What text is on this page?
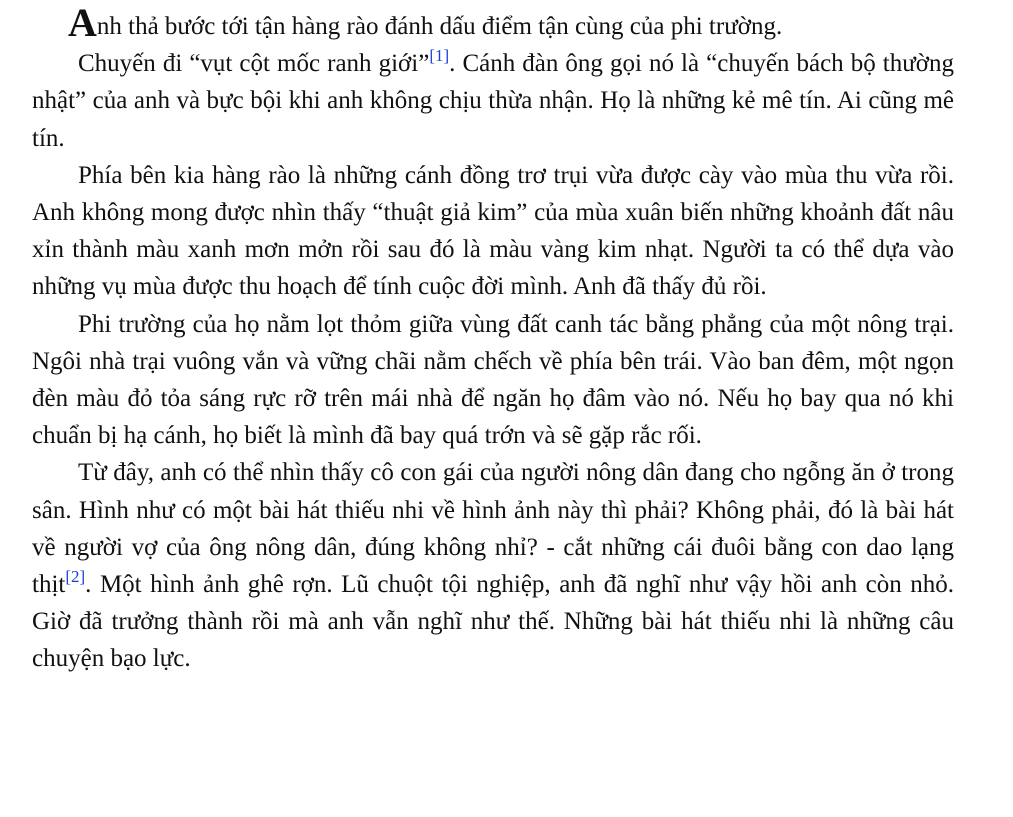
Anh thả bước tới tận hàng rào đánh dấu điểm tận cùng của phi trường.

Chuyến đi “vụt cột mốc ranh giới”[1]. Cánh đàn ông gọi nó là “chuyến bách bộ thường nhật” của anh và bực bội khi anh không chịu thừa nhận. Họ là những kẻ mê tín. Ai cũng mê tín.

Phía bên kia hàng rào là những cánh đồng trơ trụi vừa được cày vào mùa thu vừa rồi. Anh không mong được nhìn thấy “thuật giả kim” của mùa xuân biến những khoảnh đất nâu xỉn thành màu xanh mơn mởn rồi sau đó là màu vàng kim nhạt. Người ta có thể dựa vào những vụ mùa được thu hoạch để tính cuộc đời mình. Anh đã thấy đủ rồi.

Phi trường của họ nằm lọt thỏm giữa vùng đất canh tác bằng phẳng của một nông trại. Ngôi nhà trại vuông vắn và vững chãi nằm chếch về phía bên trái. Vào ban đêm, một ngọn đèn màu đỏ tỏa sáng rực rỡ trên mái nhà để ngăn họ đâm vào nó. Nếu họ bay qua nó khi chuẩn bị hạ cánh, họ biết là mình đã bay quá trớn và sẽ gặp rắc rối.

Từ đây, anh có thể nhìn thấy cô con gái của người nông dân đang cho ngỗng ăn ở trong sân. Hình như có một bài hát thiếu nhi về hình ảnh này thì phải? Không phải, đó là bài hát về người vợ của ông nông dân, đúng không nhỉ? - cắt những cái đuôi bằng con dao lạng thịt[2]. Một hình ảnh ghê rợn. Lũ chuột tội nghiệp, anh đã nghĩ như vậy hồi anh còn nhỏ. Giờ đã trưởng thành rồi mà anh vẫn nghĩ như thế. Những bài hát thiếu nhi là những câu chuyện bạo lực.
